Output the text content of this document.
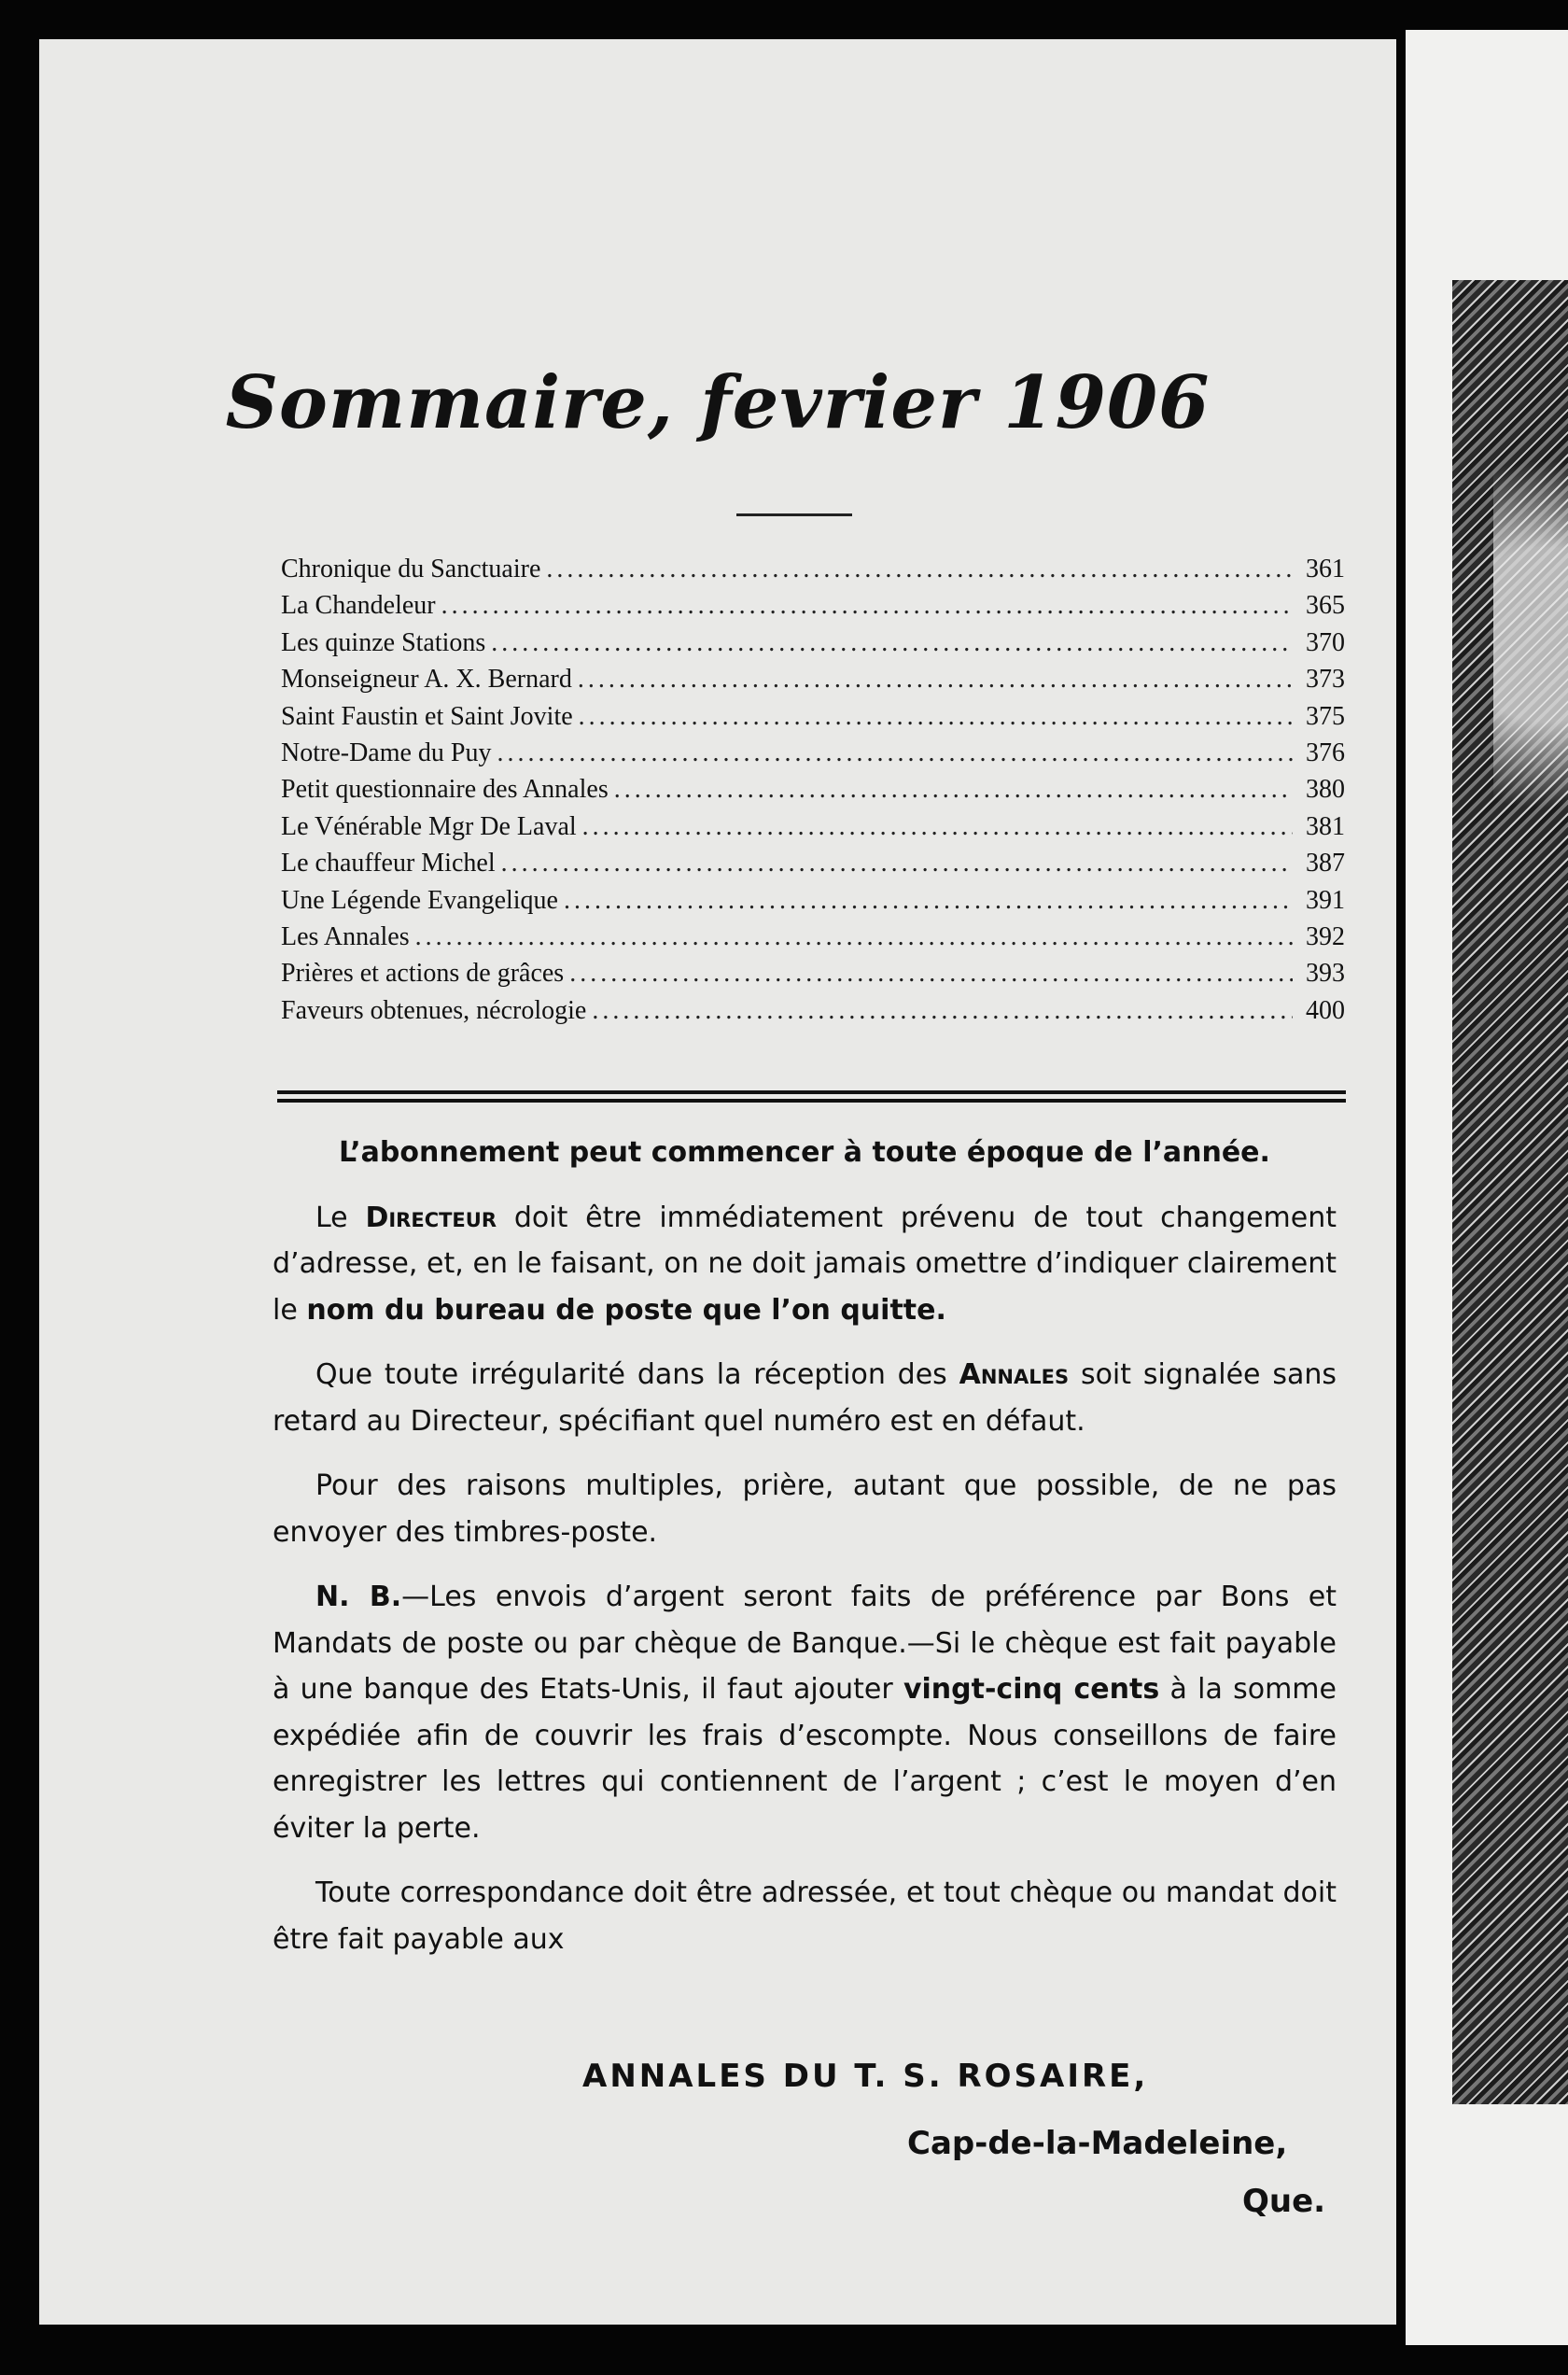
Sommaire, fevrier 1906
Chronique du Sanctuaire .....	361
La Chandeleur .....	365
Les quinze Stations .....	370
Monseigneur A. X. Bernard .....	373
Saint Faustin et Saint Jovite .....	375
Notre-Dame du Puy .....	376
Petit questionnaire des Annales .....	380
Le Vénérable Mgr De Laval .....	381
Le chauffeur Michel .....	387
Une Légende Evangelique .....	391
Les Annales .....	392
Prières et actions de grâces .....	393
Faveurs obtenues, nécrologie .....	400

L’abonnement peut commencer à toute époque de l’année.

Le Directeur doit être immédiatement prévenu de tout changement d’adresse, et, en le faisant, on ne doit jamais omettre d’indiquer clairement le nom du bureau de poste que l’on quitte.

Que toute irrégularité dans la réception des Annales soit signalée sans retard au Directeur, spécifiant quel numéro est en défaut.

Pour des raisons multiples, prière, autant que possible, de ne pas envoyer des timbres-poste.

N. B.—Les envois d’argent seront faits de préférence par Bons et Mandats de poste ou par chèque de Banque.—Si le chèque est fait payable à une banque des Etats-Unis, il faut ajouter vingt-cinq cents à la somme expédiée afin de couvrir les frais d’escompte. Nous conseillons de faire enregistrer les lettres qui contiennent de l’argent ; c’est le moyen d’en éviter la perte.

Toute correspondance doit être adressée, et tout chèque ou mandat doit être fait payable aux

ANNALES DU T. S. ROSAIRE,
Cap-de-la-Madeleine,
Que.
